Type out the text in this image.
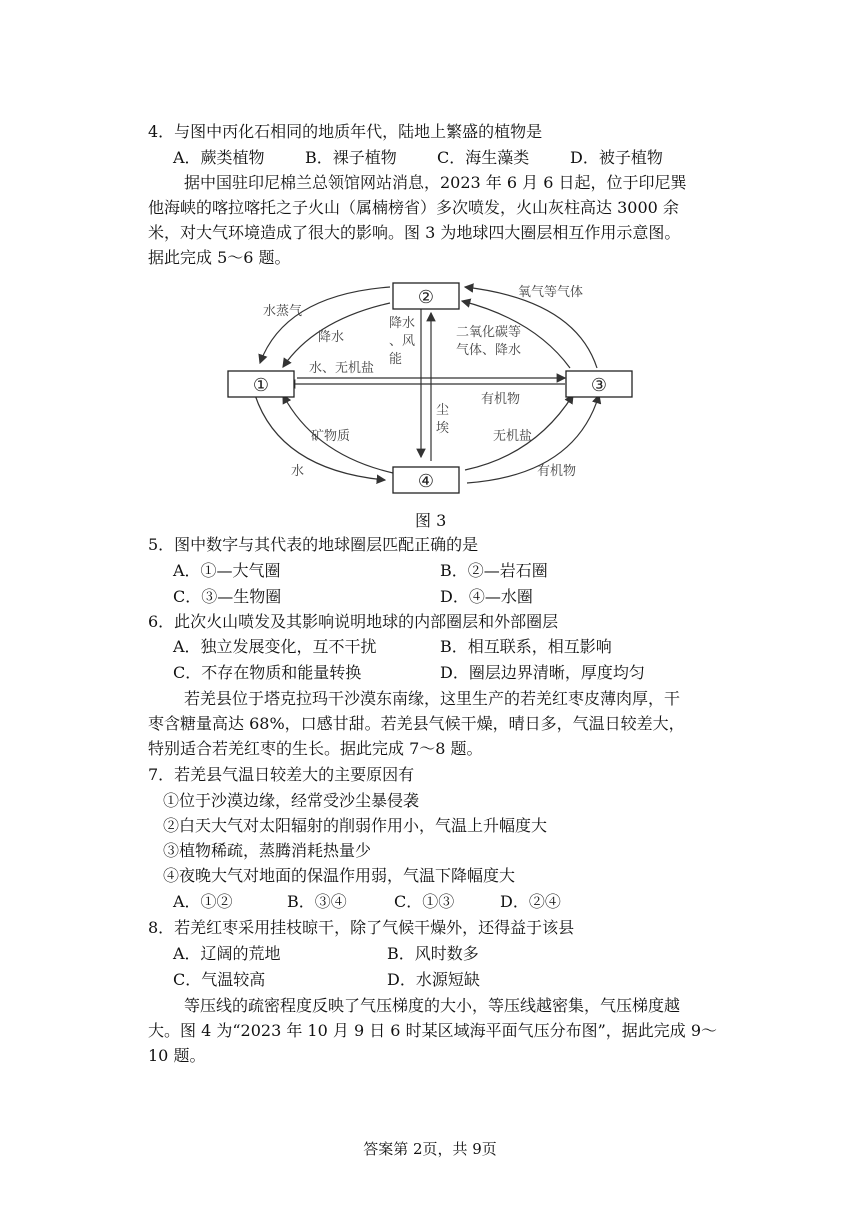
4．与图中丙化石相同的地质年代，陆地上繁盛的植物是
A．蕨类植物	B．裸子植物	C．海生藻类	D．被子植物
据中国驻印尼棉兰总领馆网站消息，2023 年 6 月 6 日起，位于印尼巽
他海峡的喀拉喀托之子火山（属楠榜省）多次喷发，火山灰柱高达 3000 余
米，对大气环境造成了很大的影响。图 3 为地球四大圈层相互作用示意图。
据此完成 5～6 题。
②
①	③
④
水蒸气
氧气等气体
降水
降水
、风
能
二氧化碳等
气体、降水
水、无机盐
有机物
尘
埃
矿物质	无机盐
水	有机物
图 3
5．图中数字与其代表的地球圈层匹配正确的是
A．①—大气圈	B．②—岩石圈
C．③—生物圈	D．④—水圈
6．此次火山喷发及其影响说明地球的内部圈层和外部圈层
A．独立发展变化，互不干扰	B．相互联系，相互影响
C．不存在物质和能量转换	D．圈层边界清晰，厚度均匀
若羌县位于塔克拉玛干沙漠东南缘，这里生产的若羌红枣皮薄肉厚，干
枣含糖量高达 68%，口感甘甜。若羌县气候干燥，晴日多，气温日较差大，
特别适合若羌红枣的生长。据此完成 7～8 题。
7．若羌县气温日较差大的主要原因有
①位于沙漠边缘，经常受沙尘暴侵袭
②白天大气对太阳辐射的削弱作用小，气温上升幅度大
③植物稀疏，蒸腾消耗热量少
④夜晚大气对地面的保温作用弱，气温下降幅度大
A．①②	B．③④	C．①③	D．②④
8．若羌红枣采用挂枝晾干，除了气候干燥外，还得益于该县
A．辽阔的荒地	B．风时数多
C．气温较高	D．水源短缺
等压线的疏密程度反映了气压梯度的大小，等压线越密集，气压梯度越
大。图 4 为“2023 年 10 月 9 日 6 时某区域海平面气压分布图”，据此完成 9～
10 题。
答案第 2页，共 9页
